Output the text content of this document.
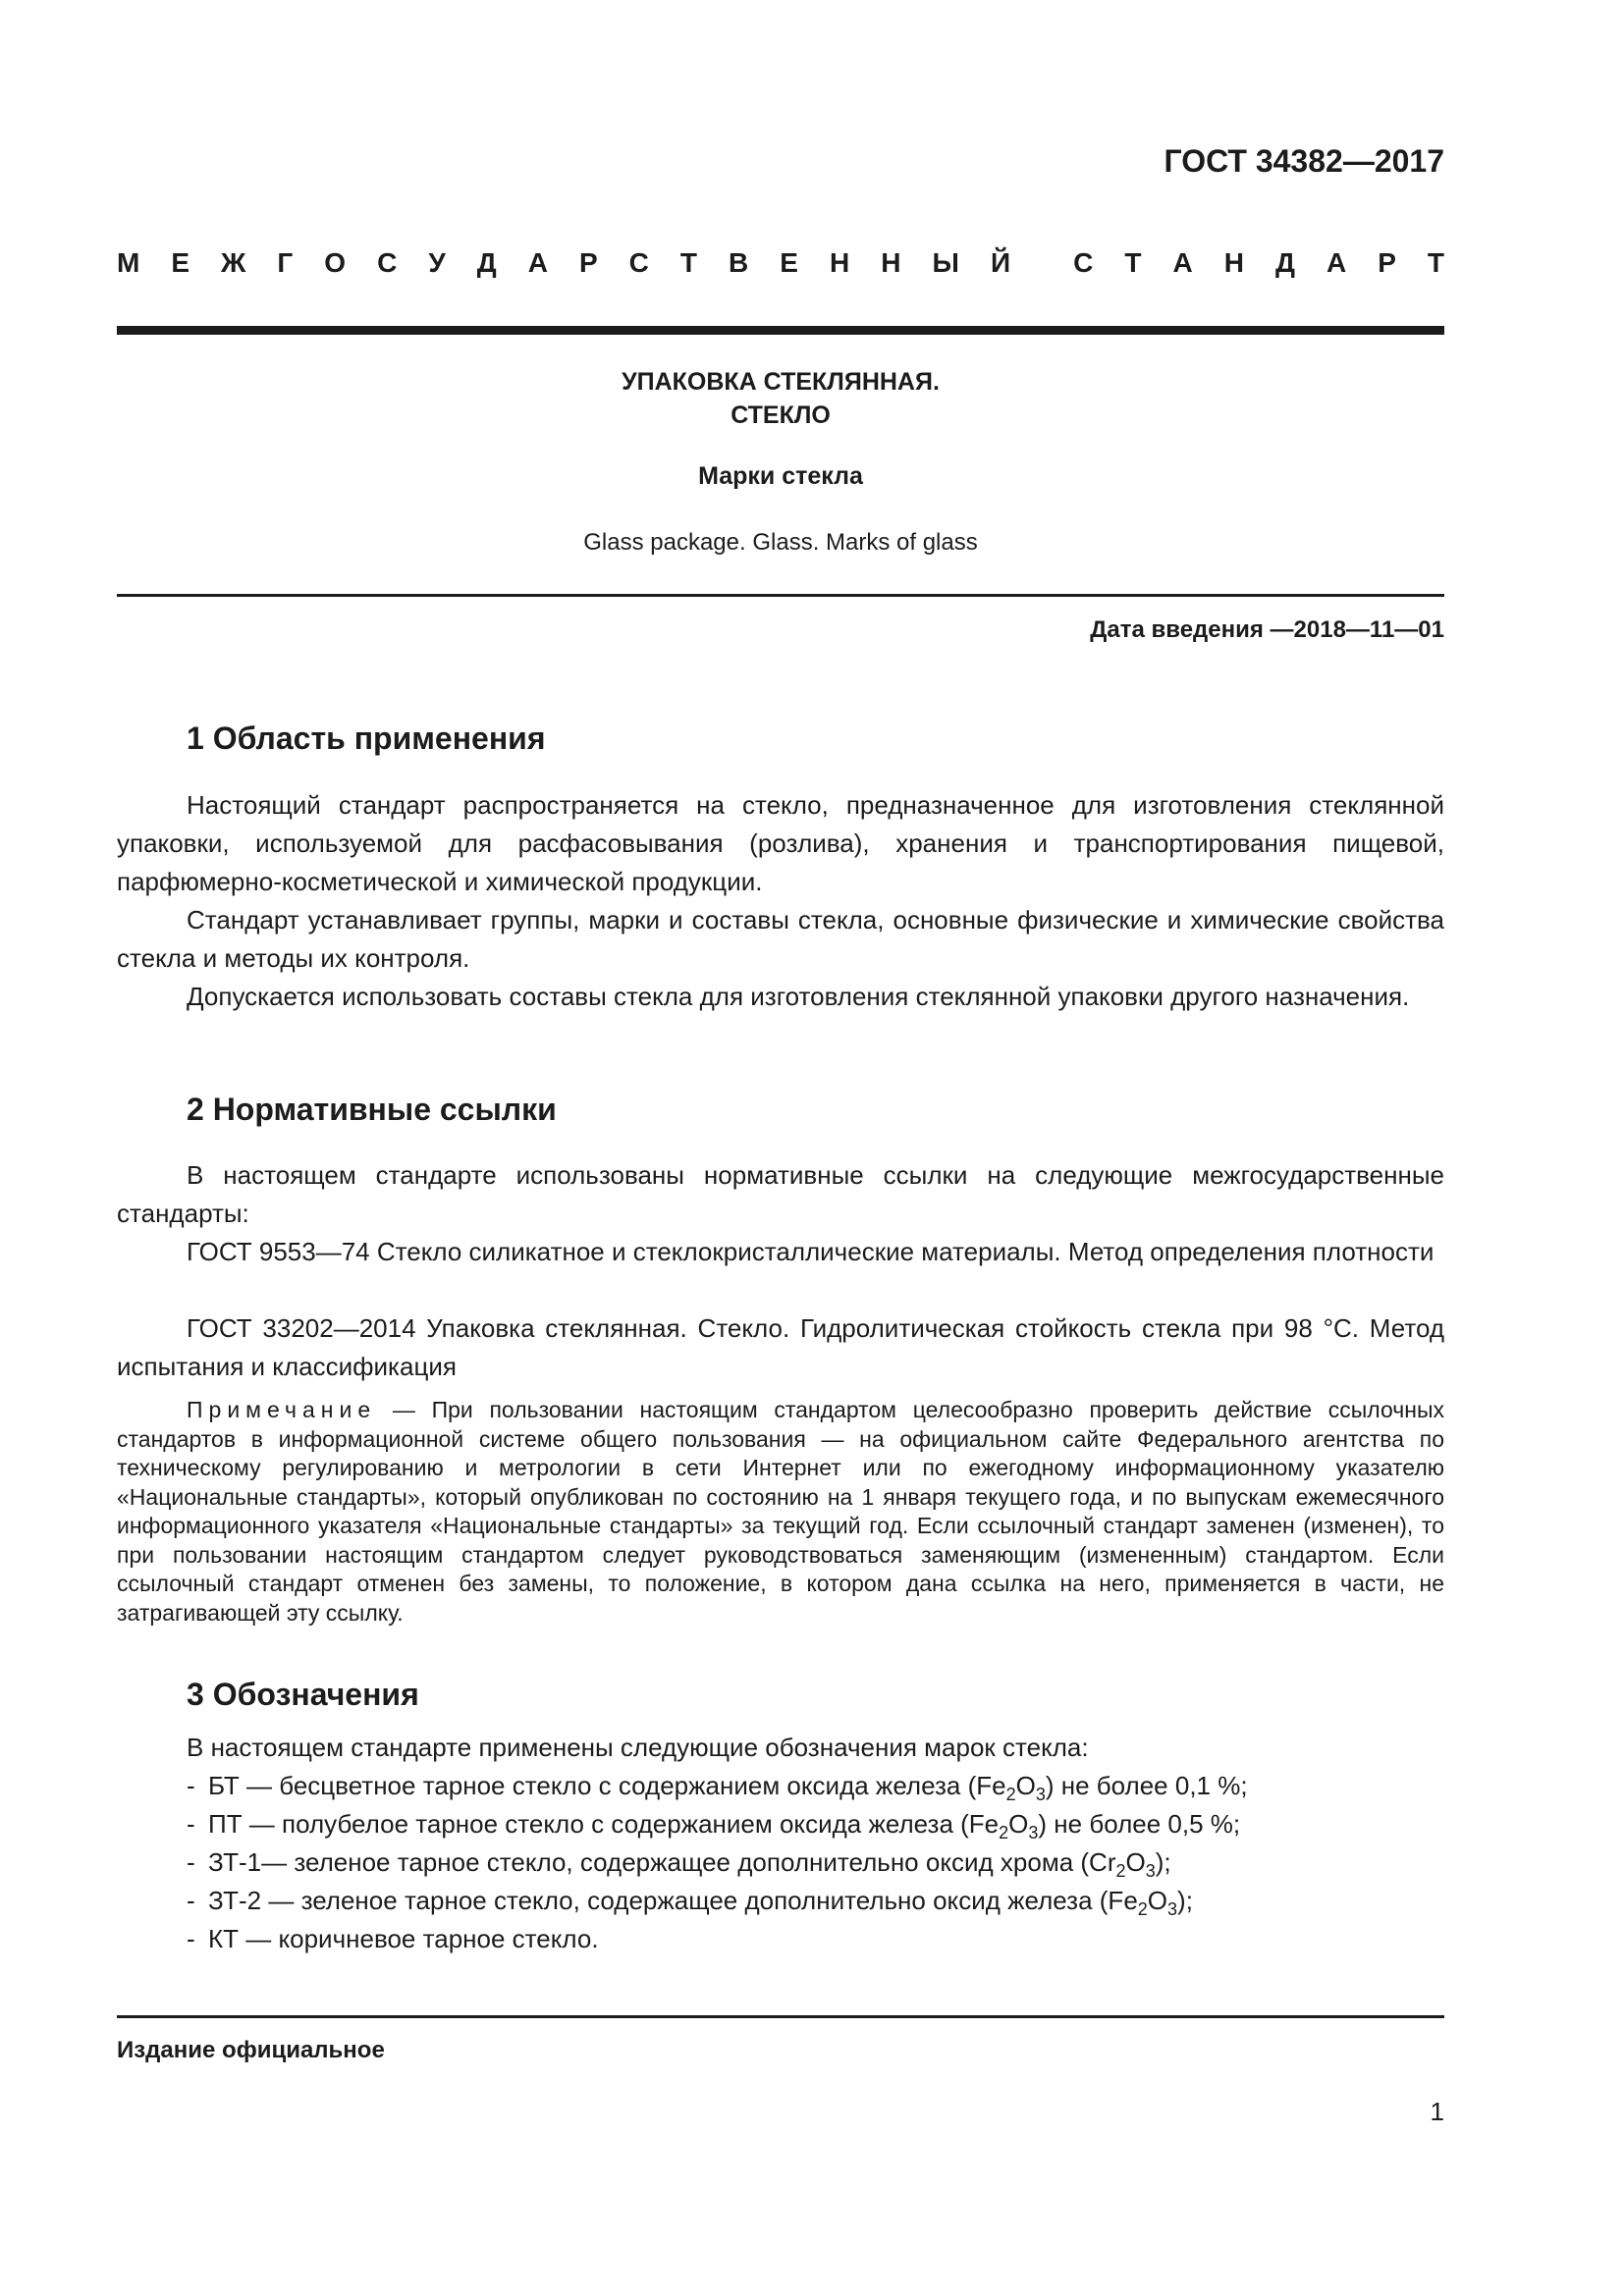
ГОСТ 34382—2017
М Е Ж Г О С У Д А Р С Т В Е Н Н Ы Й С Т А Н Д А Р Т
УПАКОВКА СТЕКЛЯННАЯ.
СТЕКЛО
Марки стекла
Glass package. Glass. Marks of glass
Дата введения —2018—11—01
1 Область применения
Настоящий стандарт распространяется на стекло, предназначенное для изготовления стеклянной упаковки, используемой для расфасовывания (розлива), хранения и транспортирования пищевой, парфюмерно-косметической и химической продукции.
Стандарт устанавливает группы, марки и составы стекла, основные физические и химические свойства стекла и методы их контроля.
Допускается использовать составы стекла для изготовления стеклянной упаковки другого назначения.
2 Нормативные ссылки
В настоящем стандарте использованы нормативные ссылки на следующие межгосударственные стандарты:
ГОСТ 9553—74 Стекло силикатное и стеклокристаллические материалы. Метод определения плотности
ГОСТ 33202—2014 Упаковка стеклянная. Стекло. Гидролитическая стойкость стекла при 98 °С. Метод испытания и классификация
Примечание — При пользовании настоящим стандартом целесообразно проверить действие ссылочных стандартов в информационной системе общего пользования — на официальном сайте Федерального агентства по техническому регулированию и метрологии в сети Интернет или по ежегодному информационному указателю «Национальные стандарты», который опубликован по состоянию на 1 января текущего года, и по выпускам ежемесячного информационного указателя «Национальные стандарты» за текущий год. Если ссылочный стандарт заменен (изменен), то при пользовании настоящим стандартом следует руководствоваться заменяющим (измененным) стандартом. Если ссылочный стандарт отменен без замены, то положение, в котором дана ссылка на него, применяется в части, не затрагивающей эту ссылку.
3 Обозначения
В настоящем стандарте применены следующие обозначения марок стекла:
- БТ — бесцветное тарное стекло с содержанием оксида железа $(Fe_2O_3)$ не более 0,1 %;
- ПТ — полубелое тарное стекло с содержанием оксида железа $(Fe_2O_3)$ не более 0,5 %;
- ЗТ-1— зеленое тарное стекло, содержащее дополнительно оксид хрома $(Cr_2O_3)$;
- ЗТ-2 — зеленое тарное стекло, содержащее дополнительно оксид железа $(Fe_2O_3)$;
- КТ — коричневое тарное стекло.
Издание официальное
1
